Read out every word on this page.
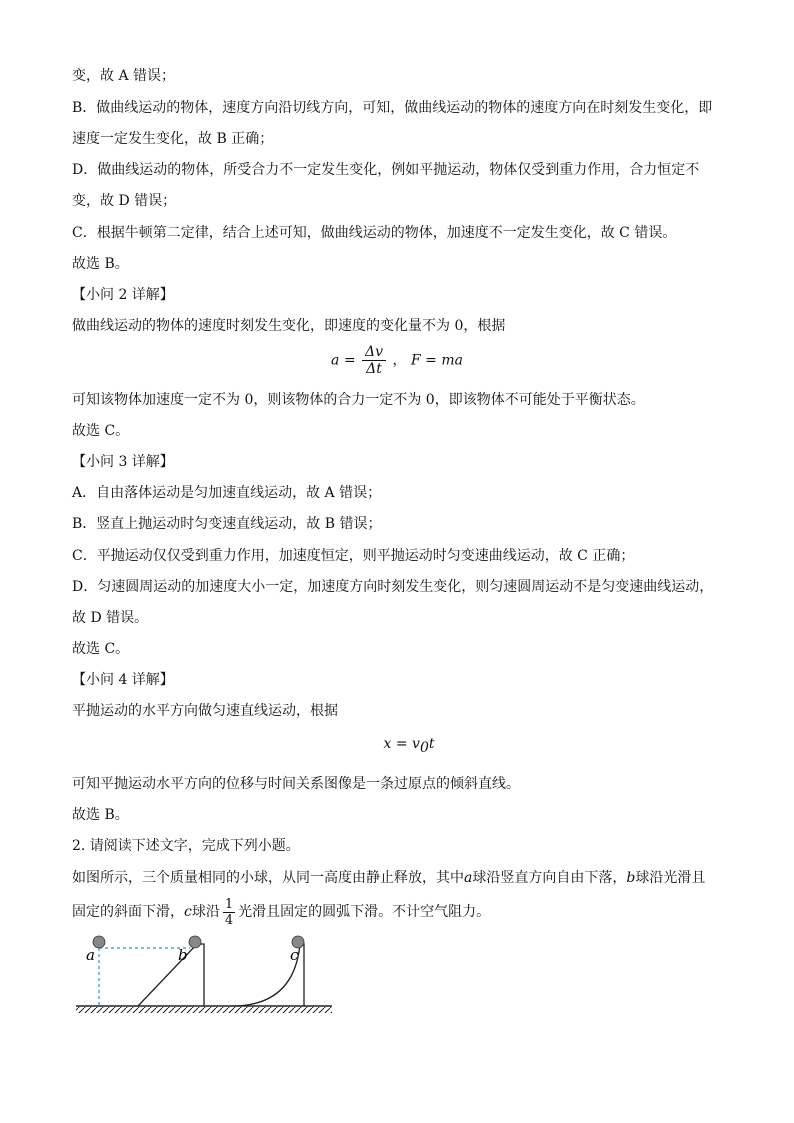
变，故 A 错误；
B．做曲线运动的物体，速度方向沿切线方向，可知，做曲线运动的物体的速度方向在时刻发生变化，即
速度一定发生变化，故 B 正确；
D．做曲线运动的物体，所受合力不一定发生变化，例如平抛运动，物体仅受到重力作用，合力恒定不
变，故 D 错误；
C．根据牛顿第二定律，结合上述可知，做曲线运动的物体，加速度不一定发生变化，故 C 错误。
故选 B。
【小问 2 详解】
做曲线运动的物体的速度时刻发生变化，即速度的变化量不为 0，根据
$a = \frac{\Delta v}{\Delta t}$ ， F = ma
可知该物体加速度一定不为 0，则该物体的合力一定不为 0，即该物体不可能处于平衡状态。
故选 C。
【小问 3 详解】
A．自由落体运动是匀加速直线运动，故 A 错误；
B．竖直上抛运动时匀变速直线运动，故 B 错误；
C．平抛运动仅仅受到重力作用，加速度恒定，则平抛运动时匀变速曲线运动，故 C 正确；
D．匀速圆周运动的加速度大小一定，加速度方向时刻发生变化，则匀速圆周运动不是匀变速曲线运动，
故 D 错误。
故选 C。
【小问 4 详解】
平抛运动的水平方向做匀速直线运动，根据
$x = v_0t$
可知平抛运动水平方向的位移与时间关系图像是一条过原点的倾斜直线。
故选 B。
2. 请阅读下述文字，完成下列小题。
如图所示，三个质量相同的小球，从同一高度由静止释放，其中a球沿竖直方向自由下落，b球沿光滑且
固定的斜面下滑，c球沿 $\frac{1}{4}$ 光滑且固定的圆弧下滑。不计空气阻力。
a	b	c
